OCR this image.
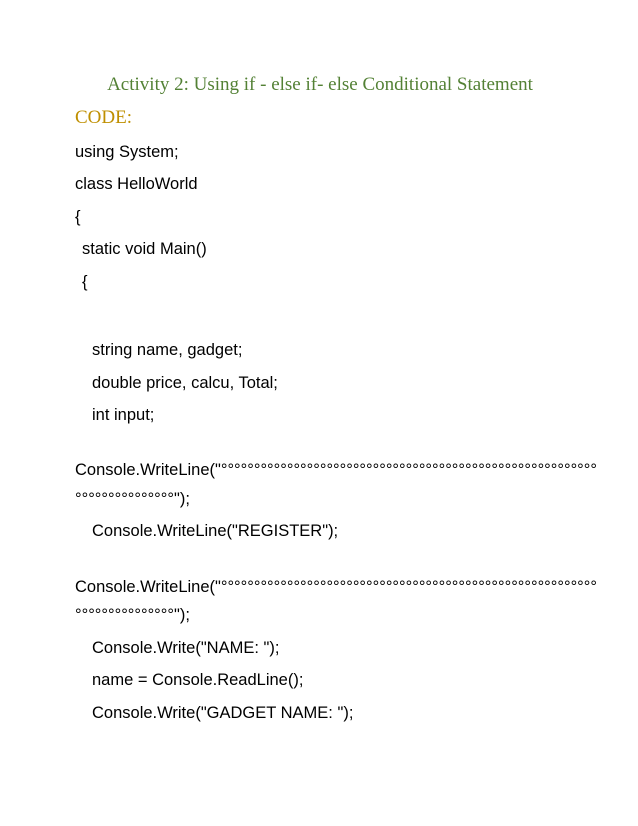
Activity 2: Using if - else if- else Conditional Statement
CODE:
using System;
class HelloWorld
{
static void Main()
{
string name, gadget;
double price, calcu, Total;
int input;
Console.WriteLine("°°°°°°°°°°°°°°°°°°°°°°°°°°°°°°°°°°°°°°°°°°°°°°°°°°°°°°°°°
°°°°°°°°°°°°°°°");
Console.WriteLine("REGISTER");
Console.WriteLine("°°°°°°°°°°°°°°°°°°°°°°°°°°°°°°°°°°°°°°°°°°°°°°°°°°°°°°°°°
°°°°°°°°°°°°°°°");
Console.Write("NAME: ");
name = Console.ReadLine();
Console.Write("GADGET NAME: ");
